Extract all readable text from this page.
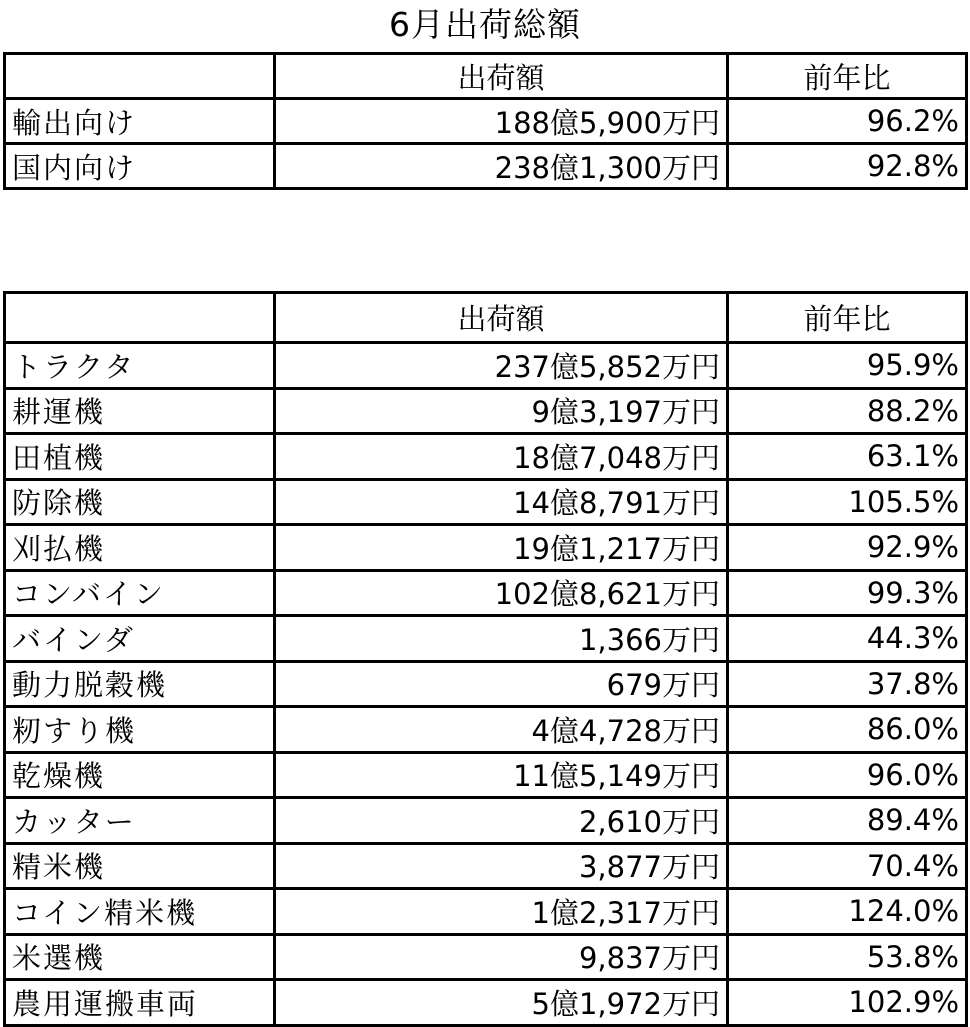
6月出荷総額
	出荷額	前年比
輸出向け	188億5,900万円	96.2%
国内向け	238億1,300万円	92.8%
	出荷額	前年比
トラクタ	237億5,852万円	95.9%
耕運機	9億3,197万円	88.2%
田植機	18億7,048万円	63.1%
防除機	14億8,791万円	105.5%
刈払機	19億1,217万円	92.9%
コンバイン	102億8,621万円	99.3%
バインダ	1,366万円	44.3%
動力脱穀機	679万円	37.8%
籾すり機	4億4,728万円	86.0%
乾燥機	11億5,149万円	96.0%
カッター	2,610万円	89.4%
精米機	3,877万円	70.4%
コイン精米機	1億2,317万円	124.0%
米選機	9,837万円	53.8%
農用運搬車両	5億1,972万円	102.9%
